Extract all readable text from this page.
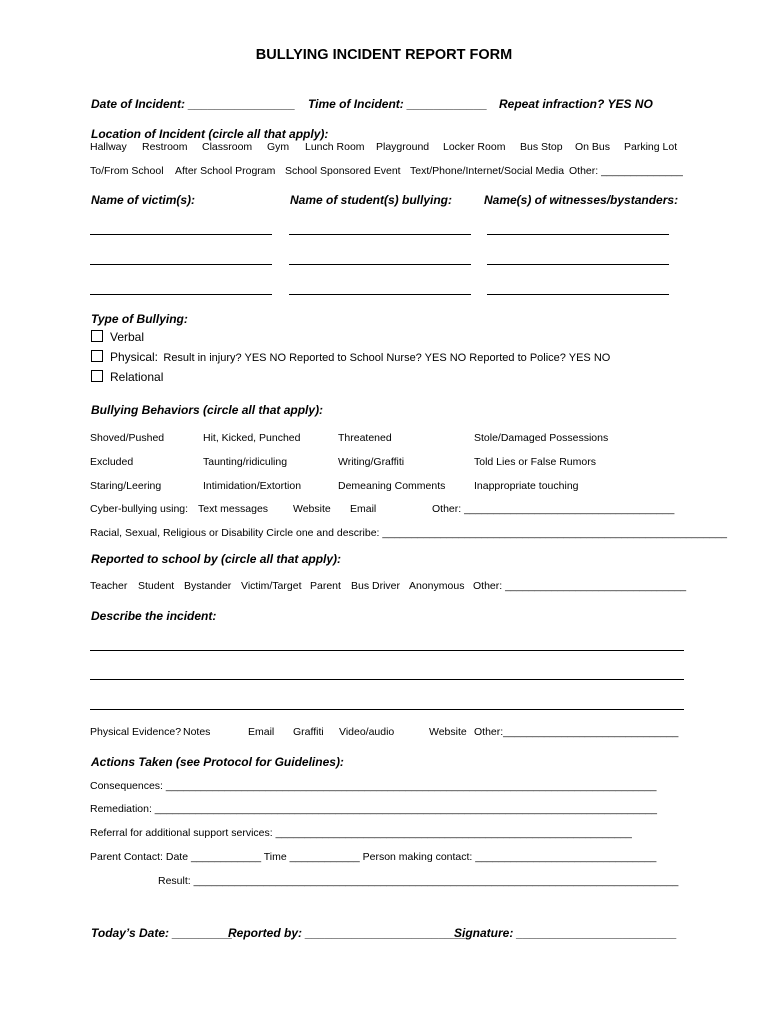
BULLYING INCIDENT REPORT FORM
Date of Incident: ________________ Time of Incident: ____________ Repeat infraction? YES NO
Location of Incident (circle all that apply):
Hallway Restroom Classroom Gym Lunch Room Playground Locker Room Bus Stop On Bus Parking Lot
To/From School After School Program School Sponsored Event Text/Phone/Internet/Social Media Other: ______________
Name of victim(s):	Name of student(s) bullying:	Name(s) of witnesses/bystanders:
Type of Bullying:
Verbal
Physical: Result in injury? YES NO Reported to School Nurse? YES NO Reported to Police? YES NO
Relational
Bullying Behaviors (circle all that apply):
Shoved/Pushed	Hit, Kicked, Punched	Threatened	Stole/Damaged Possessions
Excluded	Taunting/ridiculing	Writing/Graffiti	Told Lies or False Rumors
Staring/Leering	Intimidation/Extortion	Demeaning Comments	Inappropriate touching
Cyber-bullying using: Text messages Website Email	Other: ____________________________________
Racial, Sexual, Religious or Disability Circle one and describe: ___________________________________________________________
Reported to school by (circle all that apply):
Teacher Student Bystander Victim/Target Parent Bus Driver Anonymous Other: _______________________________
Describe the incident:
Physical Evidence? Notes	Email Graffiti Video/audio	Website Other:______________________________
Actions Taken (see Protocol for Guidelines):
Consequences: ____________________________________________________________________________________
Remediation: ______________________________________________________________________________________
Referral for additional support services: _____________________________________________________________
Parent Contact: Date ____________ Time ____________ Person making contact: _______________________________
Result: ___________________________________________________________________________________
Today’s Date: _________
Reported by: ________________________
Signature: ________________________
